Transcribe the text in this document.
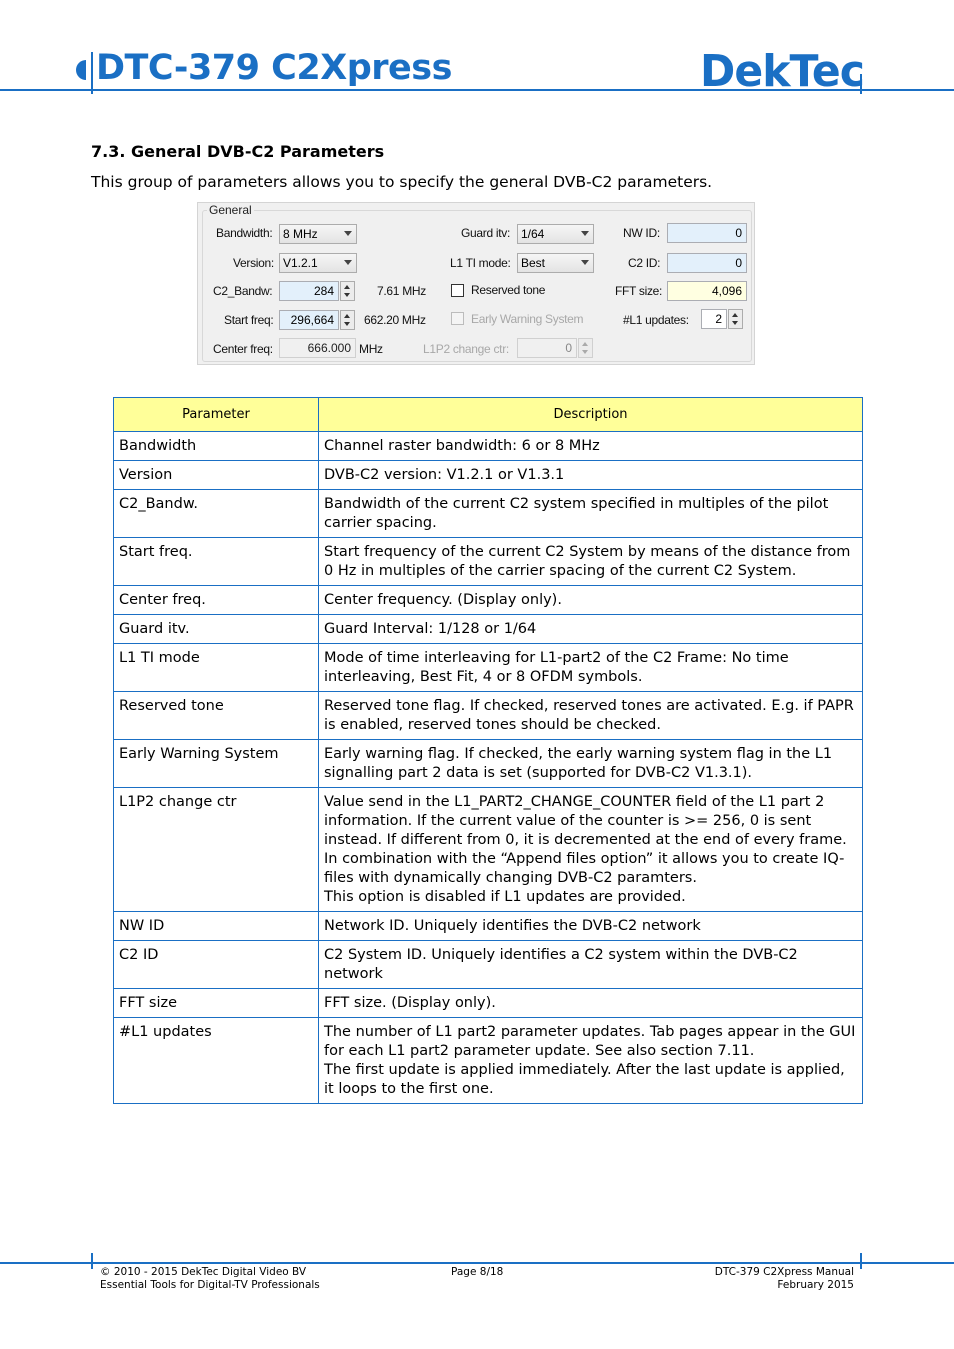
DTC-379 C2Xpress	DekTec
7.3. General DVB-C2 Parameters
This group of parameters allows you to specify the general DVB-C2 parameters.
General
Bandwidth: 8 MHz
Version: V1.2.1
C2_Bandw:	284	7.61 MHz
Start freq:	296,664	662.20 MHz
Center freq:	666.000 MHz
Guard itv: 1/64
L1 TI mode: Best
Reserved tone
Early Warning System
L1P2 change ctr:	0
NW ID:	0
C2 ID:	0
FFT size:	4,096
#L1 updates:	2
Parameter	Description
Bandwidth	Channel raster bandwidth: 6 or 8 MHz

Version	DVB-C2 version: V1.2.1 or V1.3.1

C2_Bandw.	Bandwidth of the current C2 system specified in multiples of the pilot carrier spacing.

Start freq.	Start frequency of the current C2 System by means of the distance from 0 Hz in multiples of the carrier spacing of the current C2 System.

Center freq.	Center frequency. (Display only).

Guard itv.	Guard Interval: 1/128 or 1/64

L1 TI mode	Mode of time interleaving for L1-part2 of the C2 Frame: No time interleaving, Best Fit, 4 or 8 OFDM symbols.

Reserved tone	Reserved tone flag. If checked, reserved tones are activated. E.g. if PAPR is enabled, reserved tones should be checked.

Early Warning System	Early warning flag. If checked, the early warning system flag in the L1 signalling part 2 data is set (supported for DVB-C2 V1.3.1).

L1P2 change ctr	Value send in the L1_PART2_CHANGE_COUNTER field of the L1 part 2 information. If the current value of the counter is >= 256, 0 is sent instead. If different from 0, it is decremented at the end of every frame.
In combination with the “Append files option” it allows you to create IQ-files with dynamically changing DVB-C2 paramters.
This option is disabled if L1 updates are provided.

NW ID	Network ID. Uniquely identifies the DVB-C2 network

C2 ID	C2 System ID. Uniquely identifies a C2 system within the DVB-C2 network

FFT size	FFT size. (Display only).

#L1 updates	The number of L1 part2 parameter updates. Tab pages appear in the GUI for each L1 part2 parameter update. See also section 7.11.
The first update is applied immediately. After the last update is applied, it loops to the first one.
© 2010 - 2015 DekTec Digital Video BV
Essential Tools for Digital-TV Professionals
Page 8/18	DTC-379 C2Xpress Manual
February 2015
